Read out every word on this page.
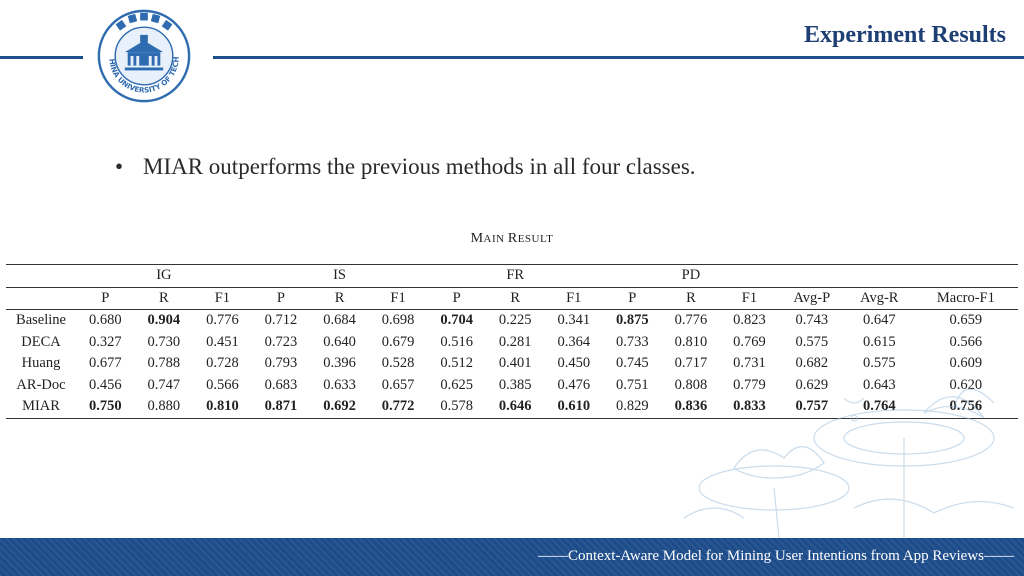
HINA UNIVERSITY OF TECH
Experiment Results
• MIAR outperforms the previous methods in all four classes.
MAIN RESULT
		IG			IS			FR			PD				
	P	R	F1	P	R	F1	P	R	F1	P	R	F1	Avg-P	Avg-R	Macro-F1
Baseline	0.680	0.904	0.776	0.712	0.684	0.698	0.704	0.225	0.341	0.875	0.776	0.823	0.743	0.647	0.659
DECA	0.327	0.730	0.451	0.723	0.640	0.679	0.516	0.281	0.364	0.733	0.810	0.769	0.575	0.615	0.566
Huang	0.677	0.788	0.728	0.793	0.396	0.528	0.512	0.401	0.450	0.745	0.717	0.731	0.682	0.575	0.609
AR-Doc	0.456	0.747	0.566	0.683	0.633	0.657	0.625	0.385	0.476	0.751	0.808	0.779	0.629	0.643	0.620
MIAR	0.750	0.880	0.810	0.871	0.692	0.772	0.578	0.646	0.610	0.829	0.836	0.833	0.757	0.764	0.756
——Context-Aware Model for Mining User Intentions from App Reviews——
